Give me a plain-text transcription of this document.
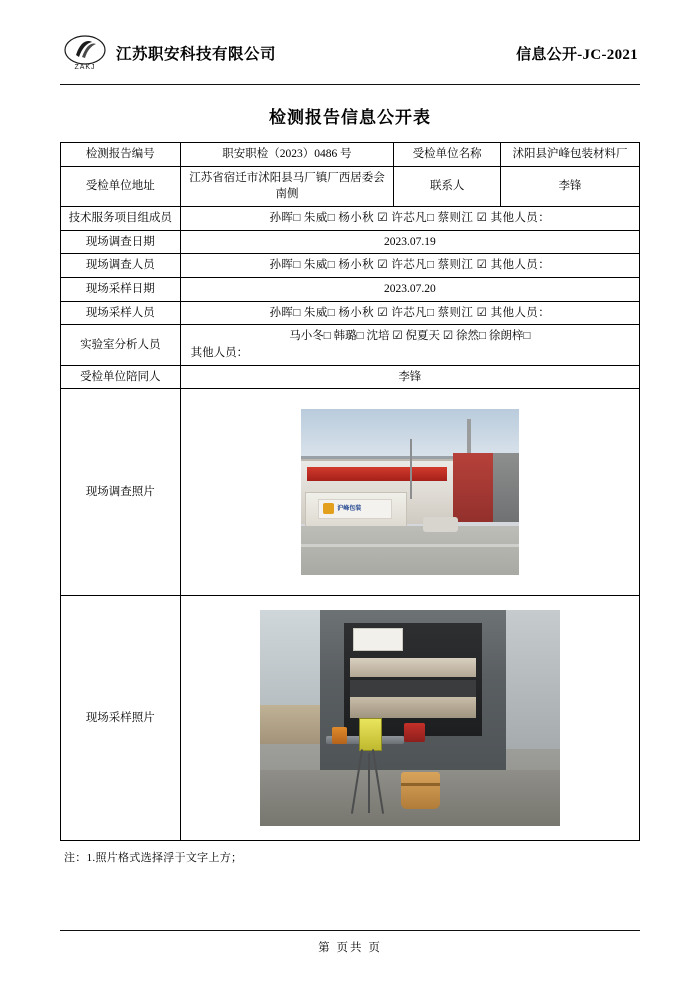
ZAKJ
江苏职安科技有限公司	信息公开-JC-2021
检测报告信息公开表
检测报告编号	职安职检（2023）0486 号	受检单位名称	沭阳县沪峰包装材料厂
受检单位地址	江苏省宿迁市沭阳县马厂镇厂西居委会南侧	联系人	李锋
技术服务项目组成员	孙晖□ 朱威□ 杨小秋 ☑ 许芯凡□ 蔡则江 ☑ 其他人员：		
现场调查日期	2023.07.19		
现场调查人员	孙晖□ 朱威□ 杨小秋 ☑ 许芯凡□ 蔡则江 ☑ 其他人员：		
现场采样日期	2023.07.20		
现场采样人员	孙晖□ 朱威□ 杨小秋 ☑ 许芯凡□ 蔡则江 ☑ 其他人员：		
实验室分析人员	马小冬□ 韩璐□ 沈培 ☑ 倪夏天 ☑ 徐然□ 徐朗梓□
其他人员：		

受检单位陪同人	李锋		
现场调查照片	沪峰包装		

现场采样照片			
注：1.照片格式选择浮于文字上方；
第 页共 页
